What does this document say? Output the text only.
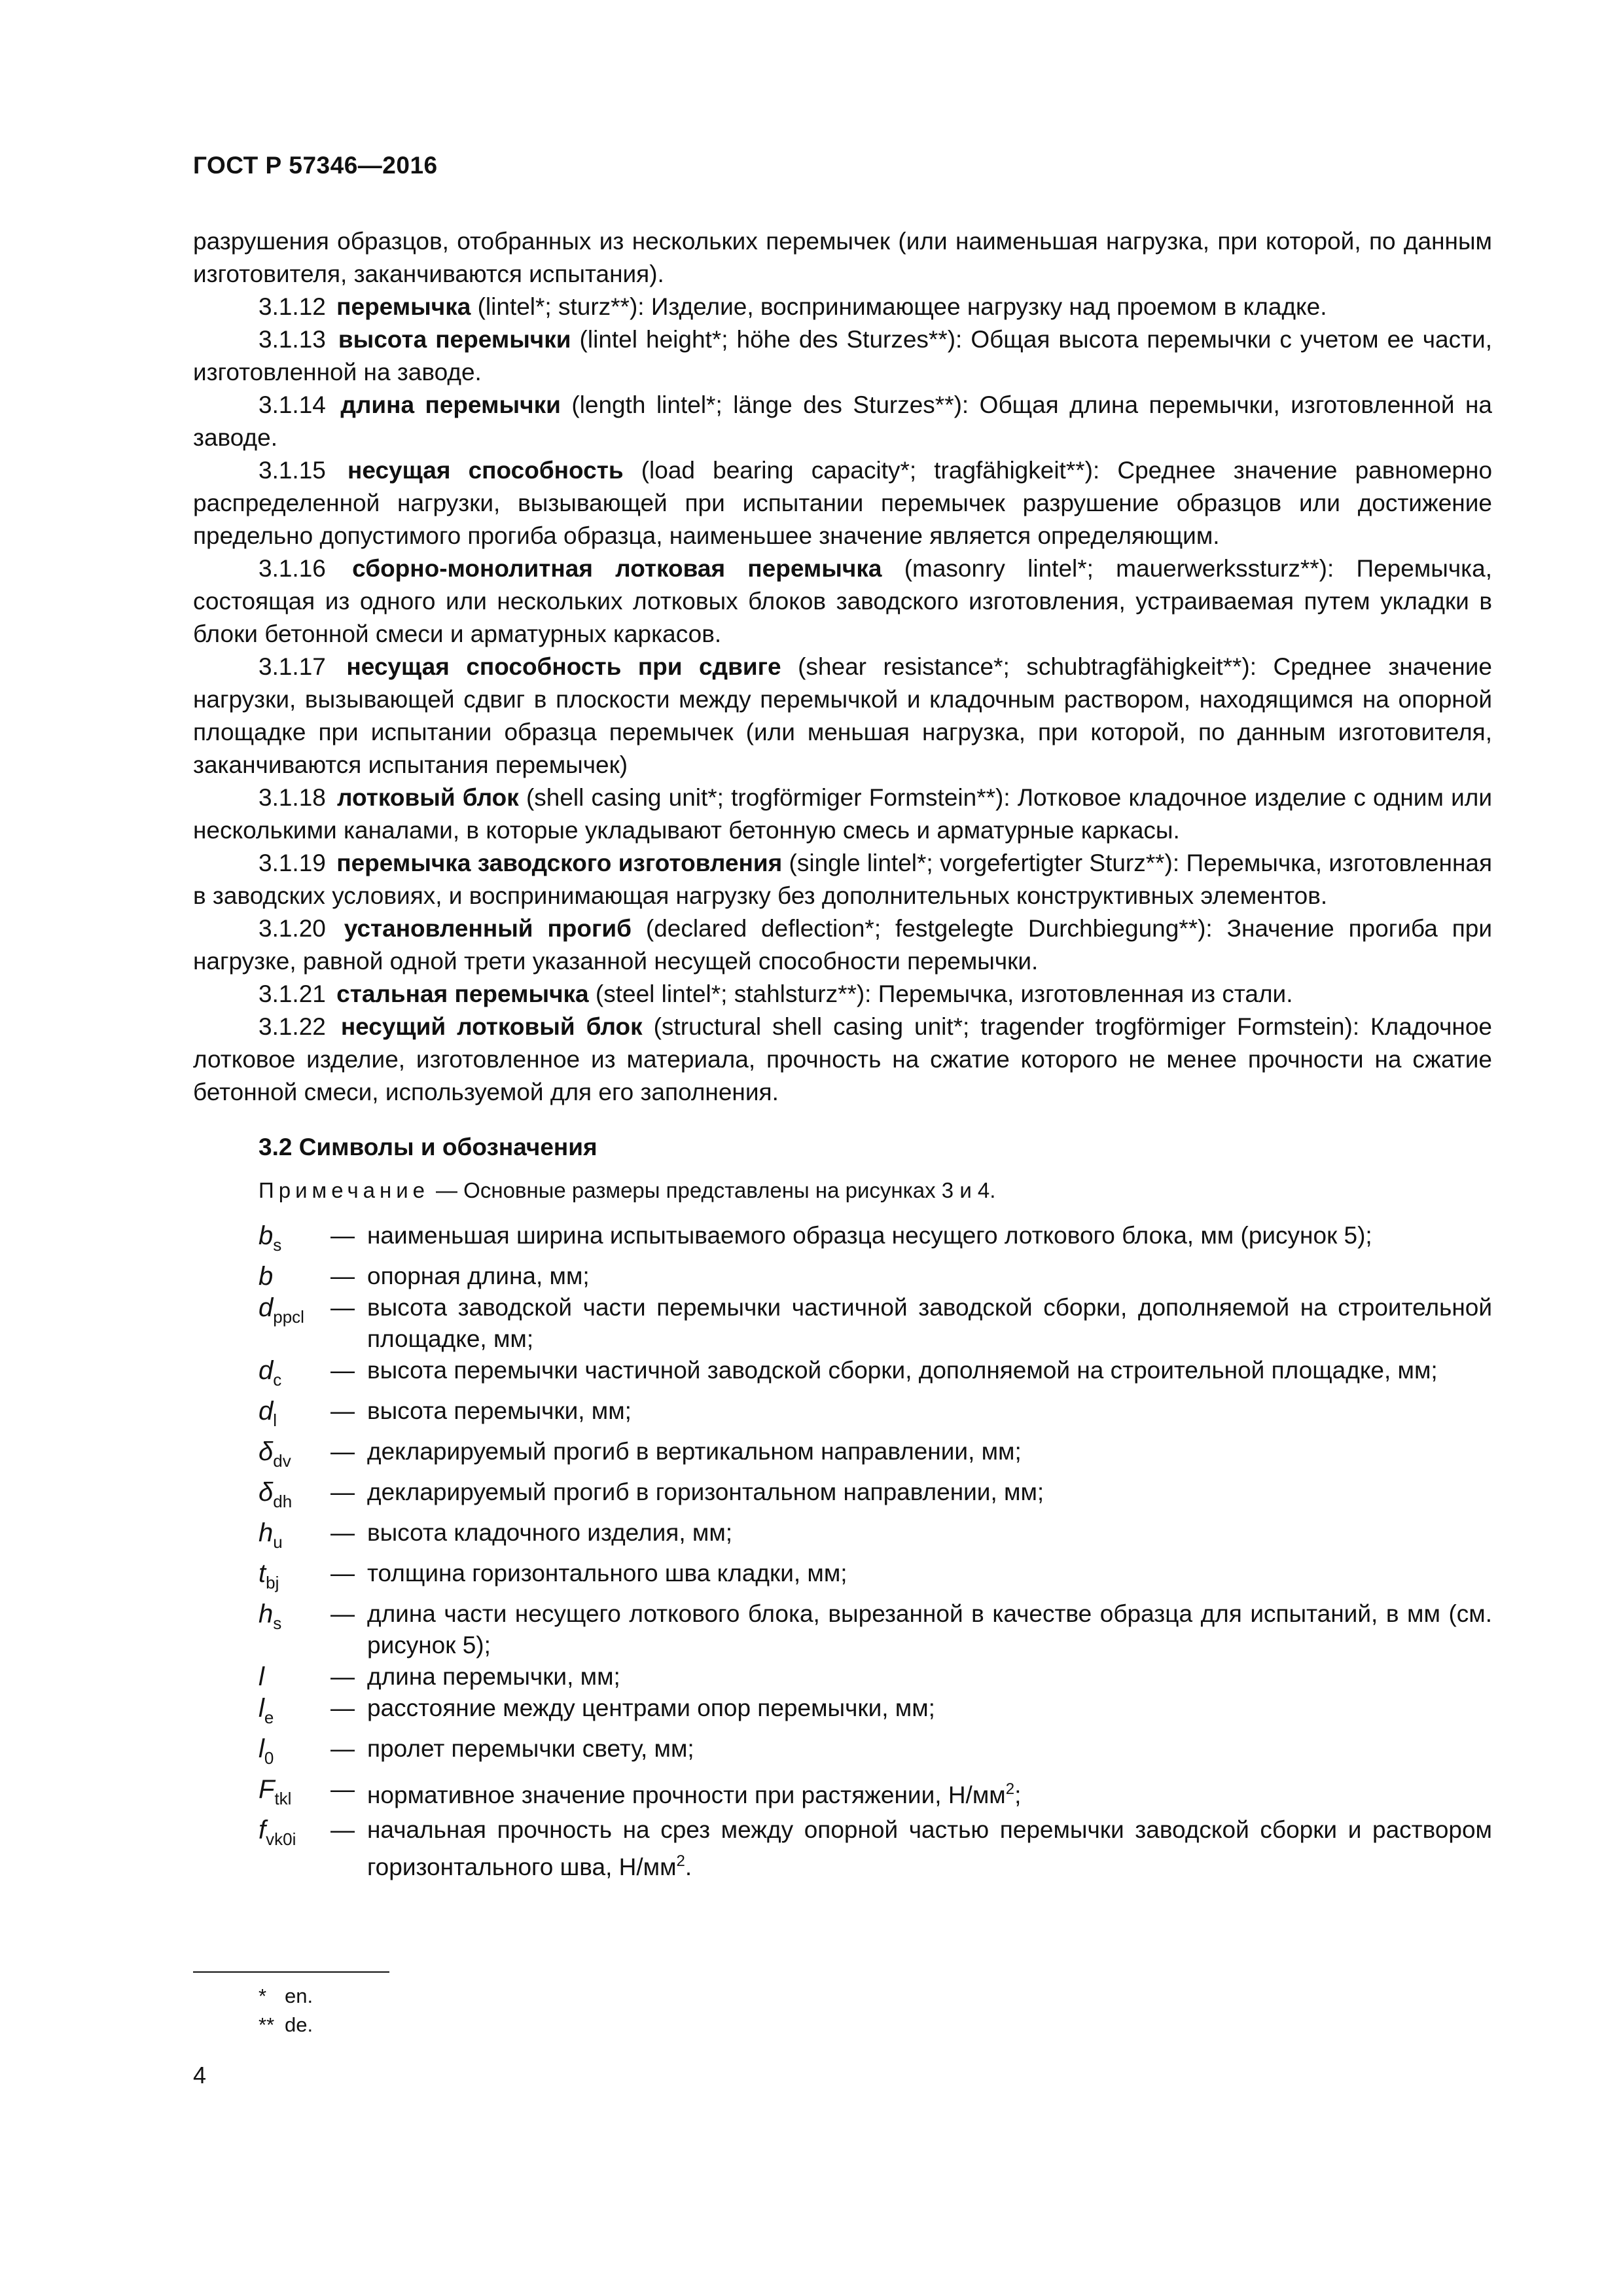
ГОСТ Р 57346—2016

разрушения образцов, отобранных из нескольких перемычек (или наименьшая нагрузка, при которой, по данным изготовителя, заканчиваются испытания).

3.1.12 перемычка (lintel*; sturz**): Изделие, воспринимающее нагрузку над проемом в кладке.

3.1.13 высота перемычки (lintel height*; höhe des Sturzes**): Общая высота перемычки с учетом ее части, изготовленной на заводе.

3.1.14 длина перемычки (length lintel*; länge des Sturzes**): Общая длина перемычки, изготовленной на заводе.

3.1.15 несущая способность (load bearing capacity*; tragfähigkeit**): Среднее значение равномерно распределенной нагрузки, вызывающей при испытании перемычек разрушение образцов или достижение предельно допустимого прогиба образца, наименьшее значение является определяющим.

3.1.16 сборно-монолитная лотковая перемычка (masonry lintel*; mauerwerkssturz**): Перемычка, состоящая из одного или нескольких лотковых блоков заводского изготовления, устраиваемая путем укладки в блоки бетонной смеси и арматурных каркасов.

3.1.17 несущая способность при сдвиге (shear resistance*; schubtragfähigkeit**): Среднее значение нагрузки, вызывающей сдвиг в плоскости между перемычкой и кладочным раствором, находящимся на опорной площадке при испытании образца перемычек (или меньшая нагрузка, при которой, по данным изготовителя, заканчиваются испытания перемычек)

3.1.18 лотковый блок (shell casing unit*; trogförmiger Formstein**): Лотковое кладочное изделие с одним или несколькими каналами, в которые укладывают бетонную смесь и арматурные каркасы.

3.1.19 перемычка заводского изготовления (single lintel*; vorgefertigter Sturz**): Перемычка, изготовленная в заводских условиях, и воспринимающая нагрузку без дополнительных конструктивных элементов.

3.1.20 установленный прогиб (declared deflection*; festgelegte Durchbiegung**): Значение прогиба при нагрузке, равной одной трети указанной несущей способности перемычки.

3.1.21 стальная перемычка (steel lintel*; stahlsturz**): Перемычка, изготовленная из стали.

3.1.22 несущий лотковый блок (structural shell casing unit*; tragender trogförmiger Formstein): Кладочное лотковое изделие, изготовленное из материала, прочность на сжатие которого не менее прочности на сжатие бетонной смеси, используемой для его заполнения.

3.2 Символы и обозначения
Примечание — Основные размеры представлены на рисунках 3 и 4.
$b_s$	— наименьшая ширина испытываемого образца несущего лоткового блока, мм (рисунок 5);
b	— опорная длина, мм;
$d_{ppcl}$	— высота заводской части перемычки частичной заводской сборки, дополняемой на строительной площадке, мм;
$d_c$	— высота перемычки частичной заводской сборки, дополняемой на строительной площадке, мм;
$d_l$	— высота перемычки, мм;
$\delta_{dv}$	— декларируемый прогиб в вертикальном направлении, мм;
$\delta_{dh}$	— декларируемый прогиб в горизонтальном направлении, мм;
$h_u$	— высота кладочного изделия, мм;
$t_{bj}$	— толщина горизонтального шва кладки, мм;
$h_s$	— длина части несущего лоткового блока, вырезанной в качестве образца для испытаний, в мм (см. рисунок 5);
l	— длина перемычки, мм;
$l_e$	— расстояние между центрами опор перемычки, мм;
$l_0$	— пролет перемычки свету, мм;
$F_{tkl}$	— нормативное значение прочности при растяжении, $Н/мм^2$;
$f_{vk0i}$	— начальная прочность на срез между опорной частью перемычки заводской сборки и раствором горизонтального шва, $Н/мм^2$.
* en.
** de.
4
